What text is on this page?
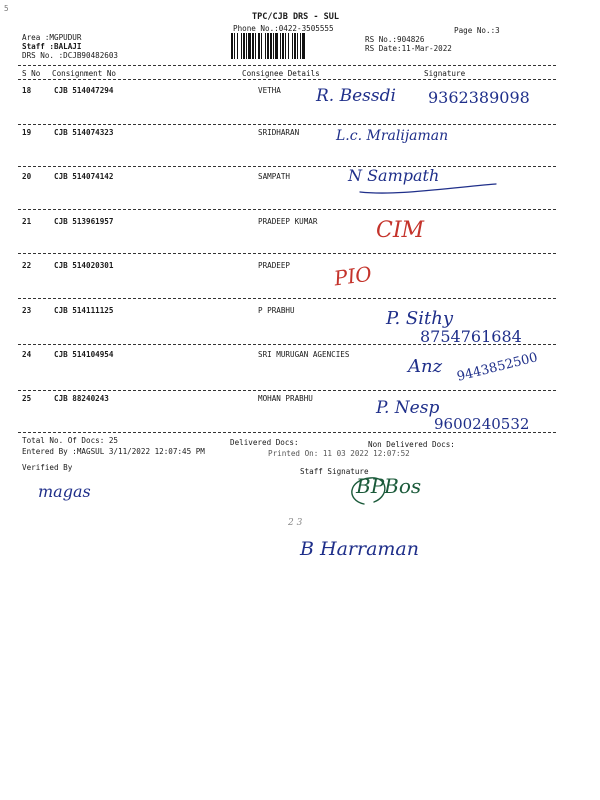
5
TPC/CJB DRS - SUL
Phone No.:0422-3505555	Page No.:3
Area :MGPUDUR
Staff :BALAJI
DRS No. :DCJB90482603
RS No.:904826
RS Date:11-Mar-2022
S No Consignment No	Consignee Details	Signature
18	CJB 514047294	VETHA R. Bessdi 9362389098
19	CJB 514074323	SRIDHARAN	L.c. Mralijaman
20	CJB 514074142	SAMPATH	N Sampath
21	CJB 513961957	PRADEEP KUMAR	CIM
22	CJB 514020301	PRADEEP PIO
23	CJB 514111125	P PRABHU	P. Sithy
8754761684
24	CJB 514104954	SRI MURUGAN AGENCIES
Anz 9443852500
25	CJB 88240243	MOHAN PRABHU	P. Nesp
9600240532
Total No. Of Docs: 25	Delivered Docs:	Non Delivered Docs:
Entered By :MAGSUL 3/11/2022 12:07:45 PM	Printed On: 11 03 2022 12:07:52
Verified By	Staff Signature
magas	BPBos
2 3
B Harraman
